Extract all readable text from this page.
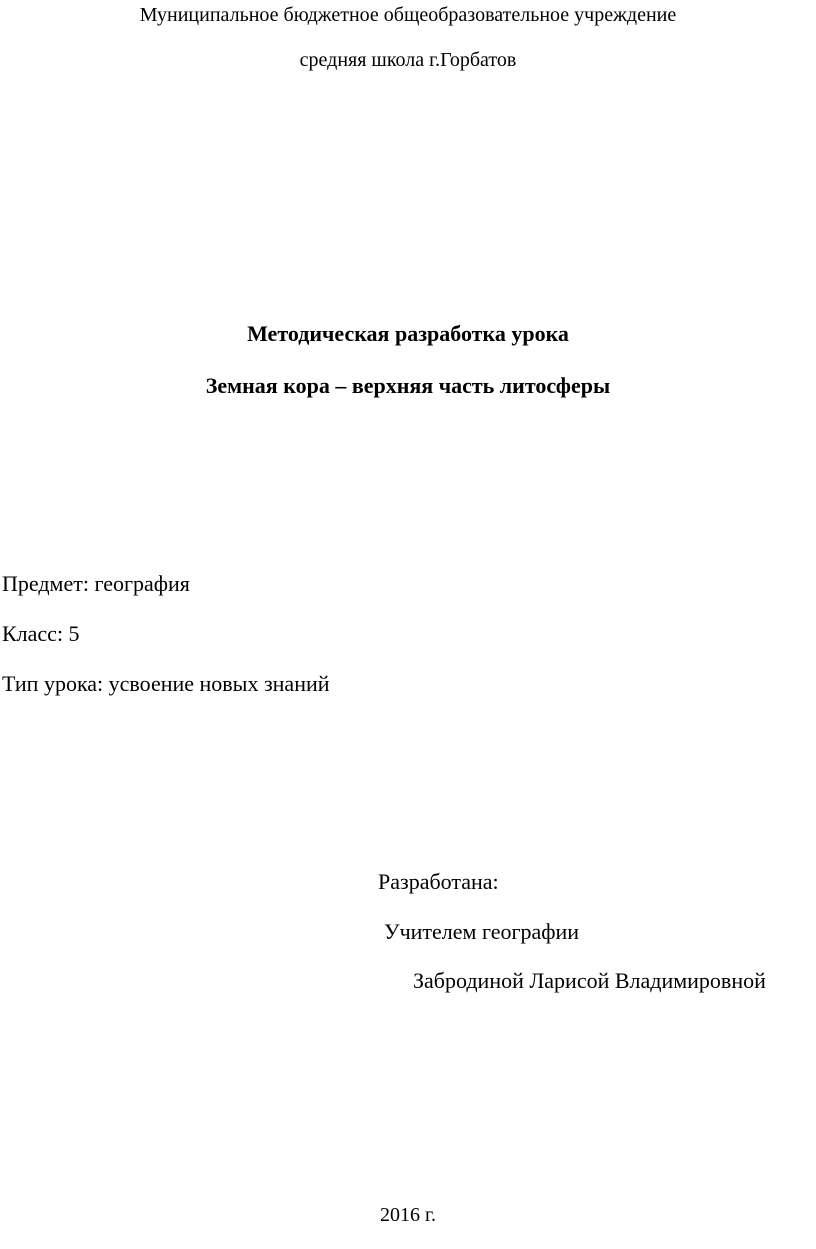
Муниципальное бюджетное общеобразовательное учреждение

средняя школа г.Горбатов

Методическая разработка урока

Земная кора – верхняя часть литосферы

Предмет: география

Класс: 5

Тип урока: усвоение новых знаний

Разработана:

Учителем географии

Забродиной Ларисой Владимировной

2016 г.
